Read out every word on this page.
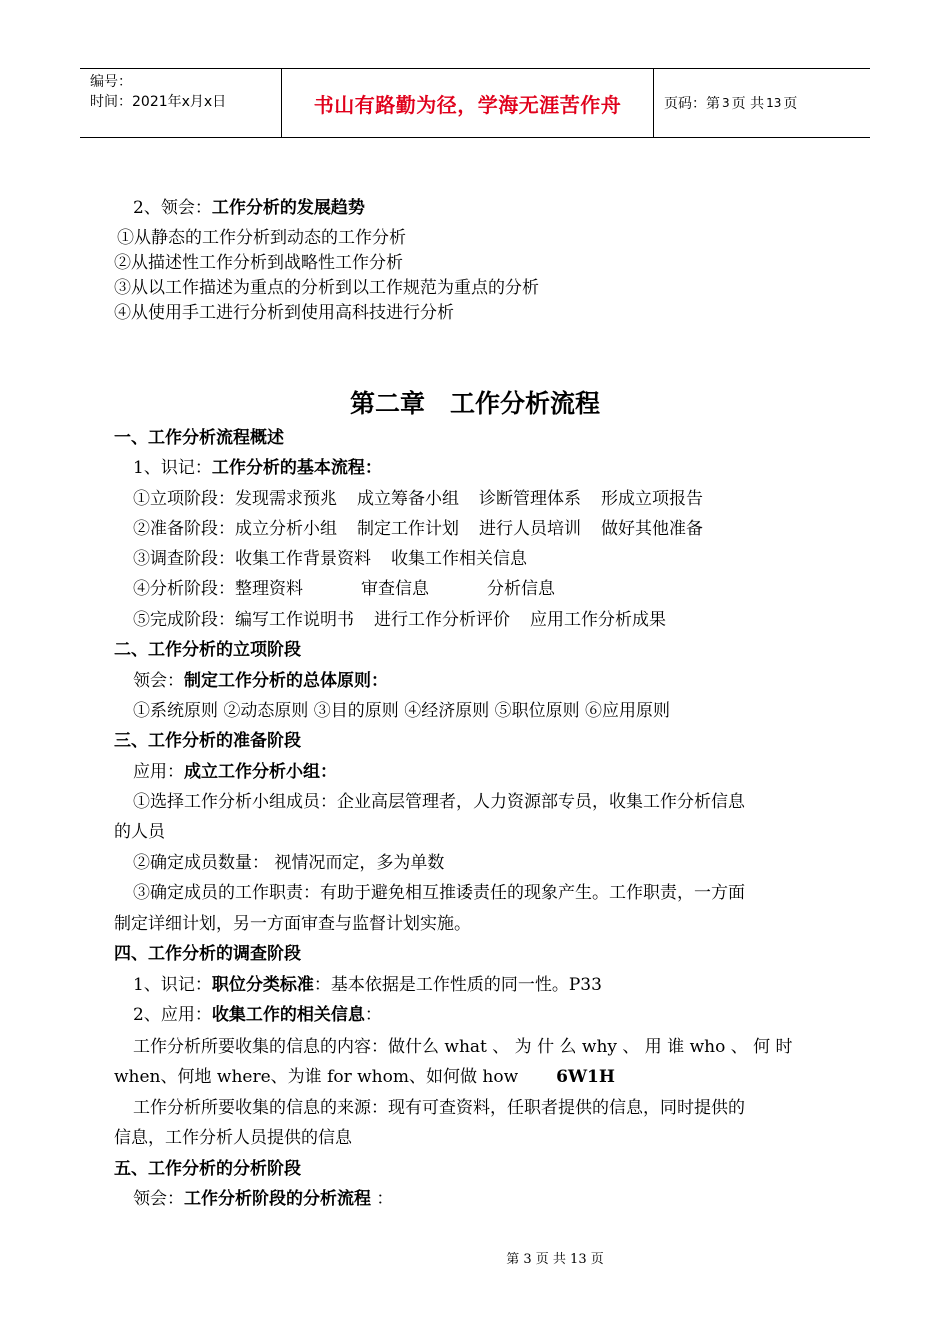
编号：
时间：2021年x月x日	书山有路勤为径，学海无涯苦作舟	页码：第 3 页 共 13 页
2、领会：工作分析的发展趋势
①从静态的工作分析到动态的工作分析
②从描述性工作分析到战略性工作分析
③从以工作描述为重点的分析到以工作规范为重点的分析
④从使用手工进行分析到使用高科技进行分析
第二章　工作分析流程
一、工作分析流程概述
1、识记：工作分析的基本流程：
①立项阶段：发现需求预兆 成立筹备小组 诊断管理体系 形成立项报告
②准备阶段：成立分析小组 制定工作计划 进行人员培训 做好其他准备
③调查阶段：收集工作背景资料 收集工作相关信息
④分析阶段：整理资料	审查信息	分析信息
⑤完成阶段：编写工作说明书 进行工作分析评价 应用工作分析成果
二、工作分析的立项阶段
领会：制定工作分析的总体原则：
①系统原则 ②动态原则 ③目的原则 ④经济原则 ⑤职位原则 ⑥应用原则
三、工作分析的准备阶段
应用：成立工作分析小组：
①选择工作分析小组成员：企业高层管理者，人力资源部专员，收集工作分析信息
的人员
②确定成员数量： 视情况而定，多为单数
③确定成员的工作职责：有助于避免相互推诿责任的现象产生。工作职责，一方面
制定详细计划，另一方面审查与监督计划实施。
四、工作分析的调查阶段
1、识记：职位分类标准：基本依据是工作性质的同一性。P33
2、应用：收集工作的相关信息：
工作分析所要收集的信息的内容：做什么 what 、 为 什 么 why 、 用 谁 who 、 何 时
when、何地 where、为谁 for whom、如何做 how 6W1H
工作分析所要收集的信息的来源：现有可查资料，任职者提供的信息，同时提供的
信息，工作分析人员提供的信息
五、工作分析的分析阶段
领会：工作分析阶段的分析流程 ：
第 3 页 共 13 页
